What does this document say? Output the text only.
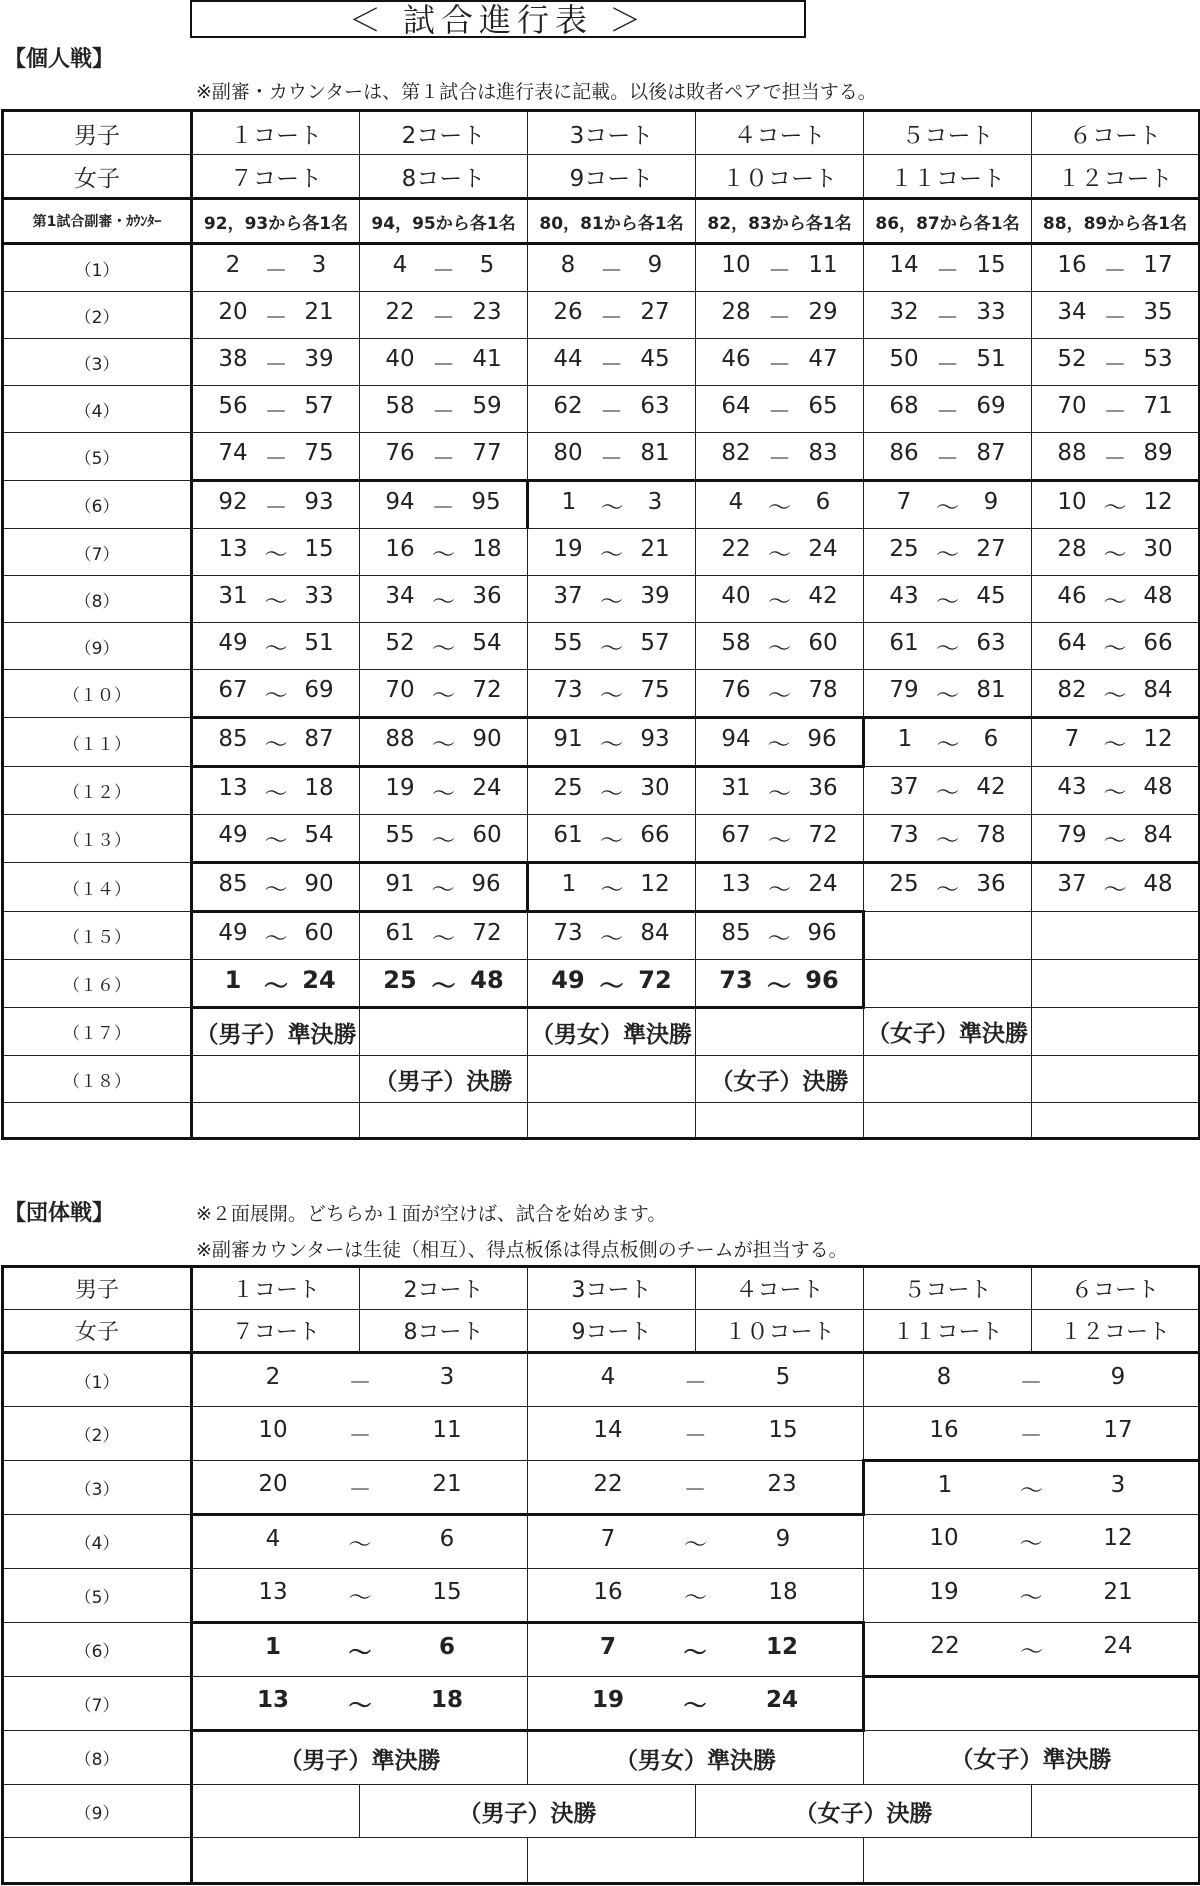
＜ 試合進行表 ＞
【個人戦】
※副審・カウンターは、第１試合は進行表に記載。以後は敗者ペアで担当する。
男子	１コート	2コート	3コート	４コート	５コート	６コート
女子	７コート	8コート	9コート	１０コート	１１コート	１２コート
第1試合副審・ｶｳﾝﾀｰ	92，93から各1名	94，95から各1名	80，81から各1名	82，83から各1名	86，87から各1名	88，89から各1名
（1）	2 － 3	4 － 5	8 － 9	10 － 11	14 － 15	16 － 17

（2）	20 － 21	22 － 23	26 － 27	28 － 29	32 － 33	34 － 35

（3）	38 － 39	40 － 41	44 － 45	46 － 47	50 － 51	52 － 53

（4）	56 － 57	58 － 59	62 － 63	64 － 65	68 － 69	70 － 71

（5）	74 － 75	76 － 77	80 － 81	82 － 83	86 － 87	88 － 89

（6）	92 － 93	94 － 95	1 ～ 3	4 ～ 6	7 ～ 9	10 ～ 12

（7）	13 ～ 15	16 ～ 18	19 ～ 21	22 ～ 24	25 ～ 27	28 ～ 30

（8）	31 ～ 33	34 ～ 36	37 ～ 39	40 ～ 42	43 ～ 45	46 ～ 48

（9）	49 ～ 51	52 ～ 54	55 ～ 57	58 ～ 60	61 ～ 63	64 ～ 66

（１０）	67 ～ 69	70 ～ 72	73 ～ 75	76 ～ 78	79 ～ 81	82 ～ 84

（１１）	85 ～ 87	88 ～ 90	91 ～ 93	94 ～ 96	1 ～ 6	7 ～ 12

（１２）	13 ～ 18	19 ～ 24	25 ～ 30	31 ～ 36	37 ～ 42	43 ～ 48

（１３）	49 ～ 54	55 ～ 60	61 ～ 66	67 ～ 72	73 ～ 78	79 ～ 84

（１４）	85 ～ 90	91 ～ 96	1 ～ 12	13 ～ 24	25 ～ 36	37 ～ 48

（１５）	49 ～ 60	61 ～ 72	73 ～ 84	85 ～ 96		

（１６）	1 ～ 24	25 ～ 48	49 ～ 72	73 ～ 96		

（１７）	（男子）準決勝		（男女）準決勝		（女子）準決勝	
（１８）		（男子）決勝		（女子）決勝		

【団体戦】	※２面展開。どちらか１面が空けば、試合を始めます。
※副審カウンターは生徒（相互）、得点板係は得点板側のチームが担当する。
男子	１コート	2コート	3コート	４コート	５コート	６コート
女子	７コート	8コート	9コート	１０コート	１１コート	１２コート
（1）	2 － 3		4 － 5		8 － 9	

（2）	10 － 11		14 － 15		16 － 17	

（3）	20 － 21		22 － 23		1 ～ 3	

（4）	4 ～ 6		7 ～ 9		10 ～ 12	

（5）	13 ～ 15		16 ～ 18		19 ～ 21	

（6）	1 ～ 6		7 ～ 12		22 ～ 24	

（7）	13 ～ 18		19 ～ 24			

（8）	（男子）準決勝		（男女）準決勝		（女子）準決勝	
（9）		（男子）決勝		（女子）決勝		
